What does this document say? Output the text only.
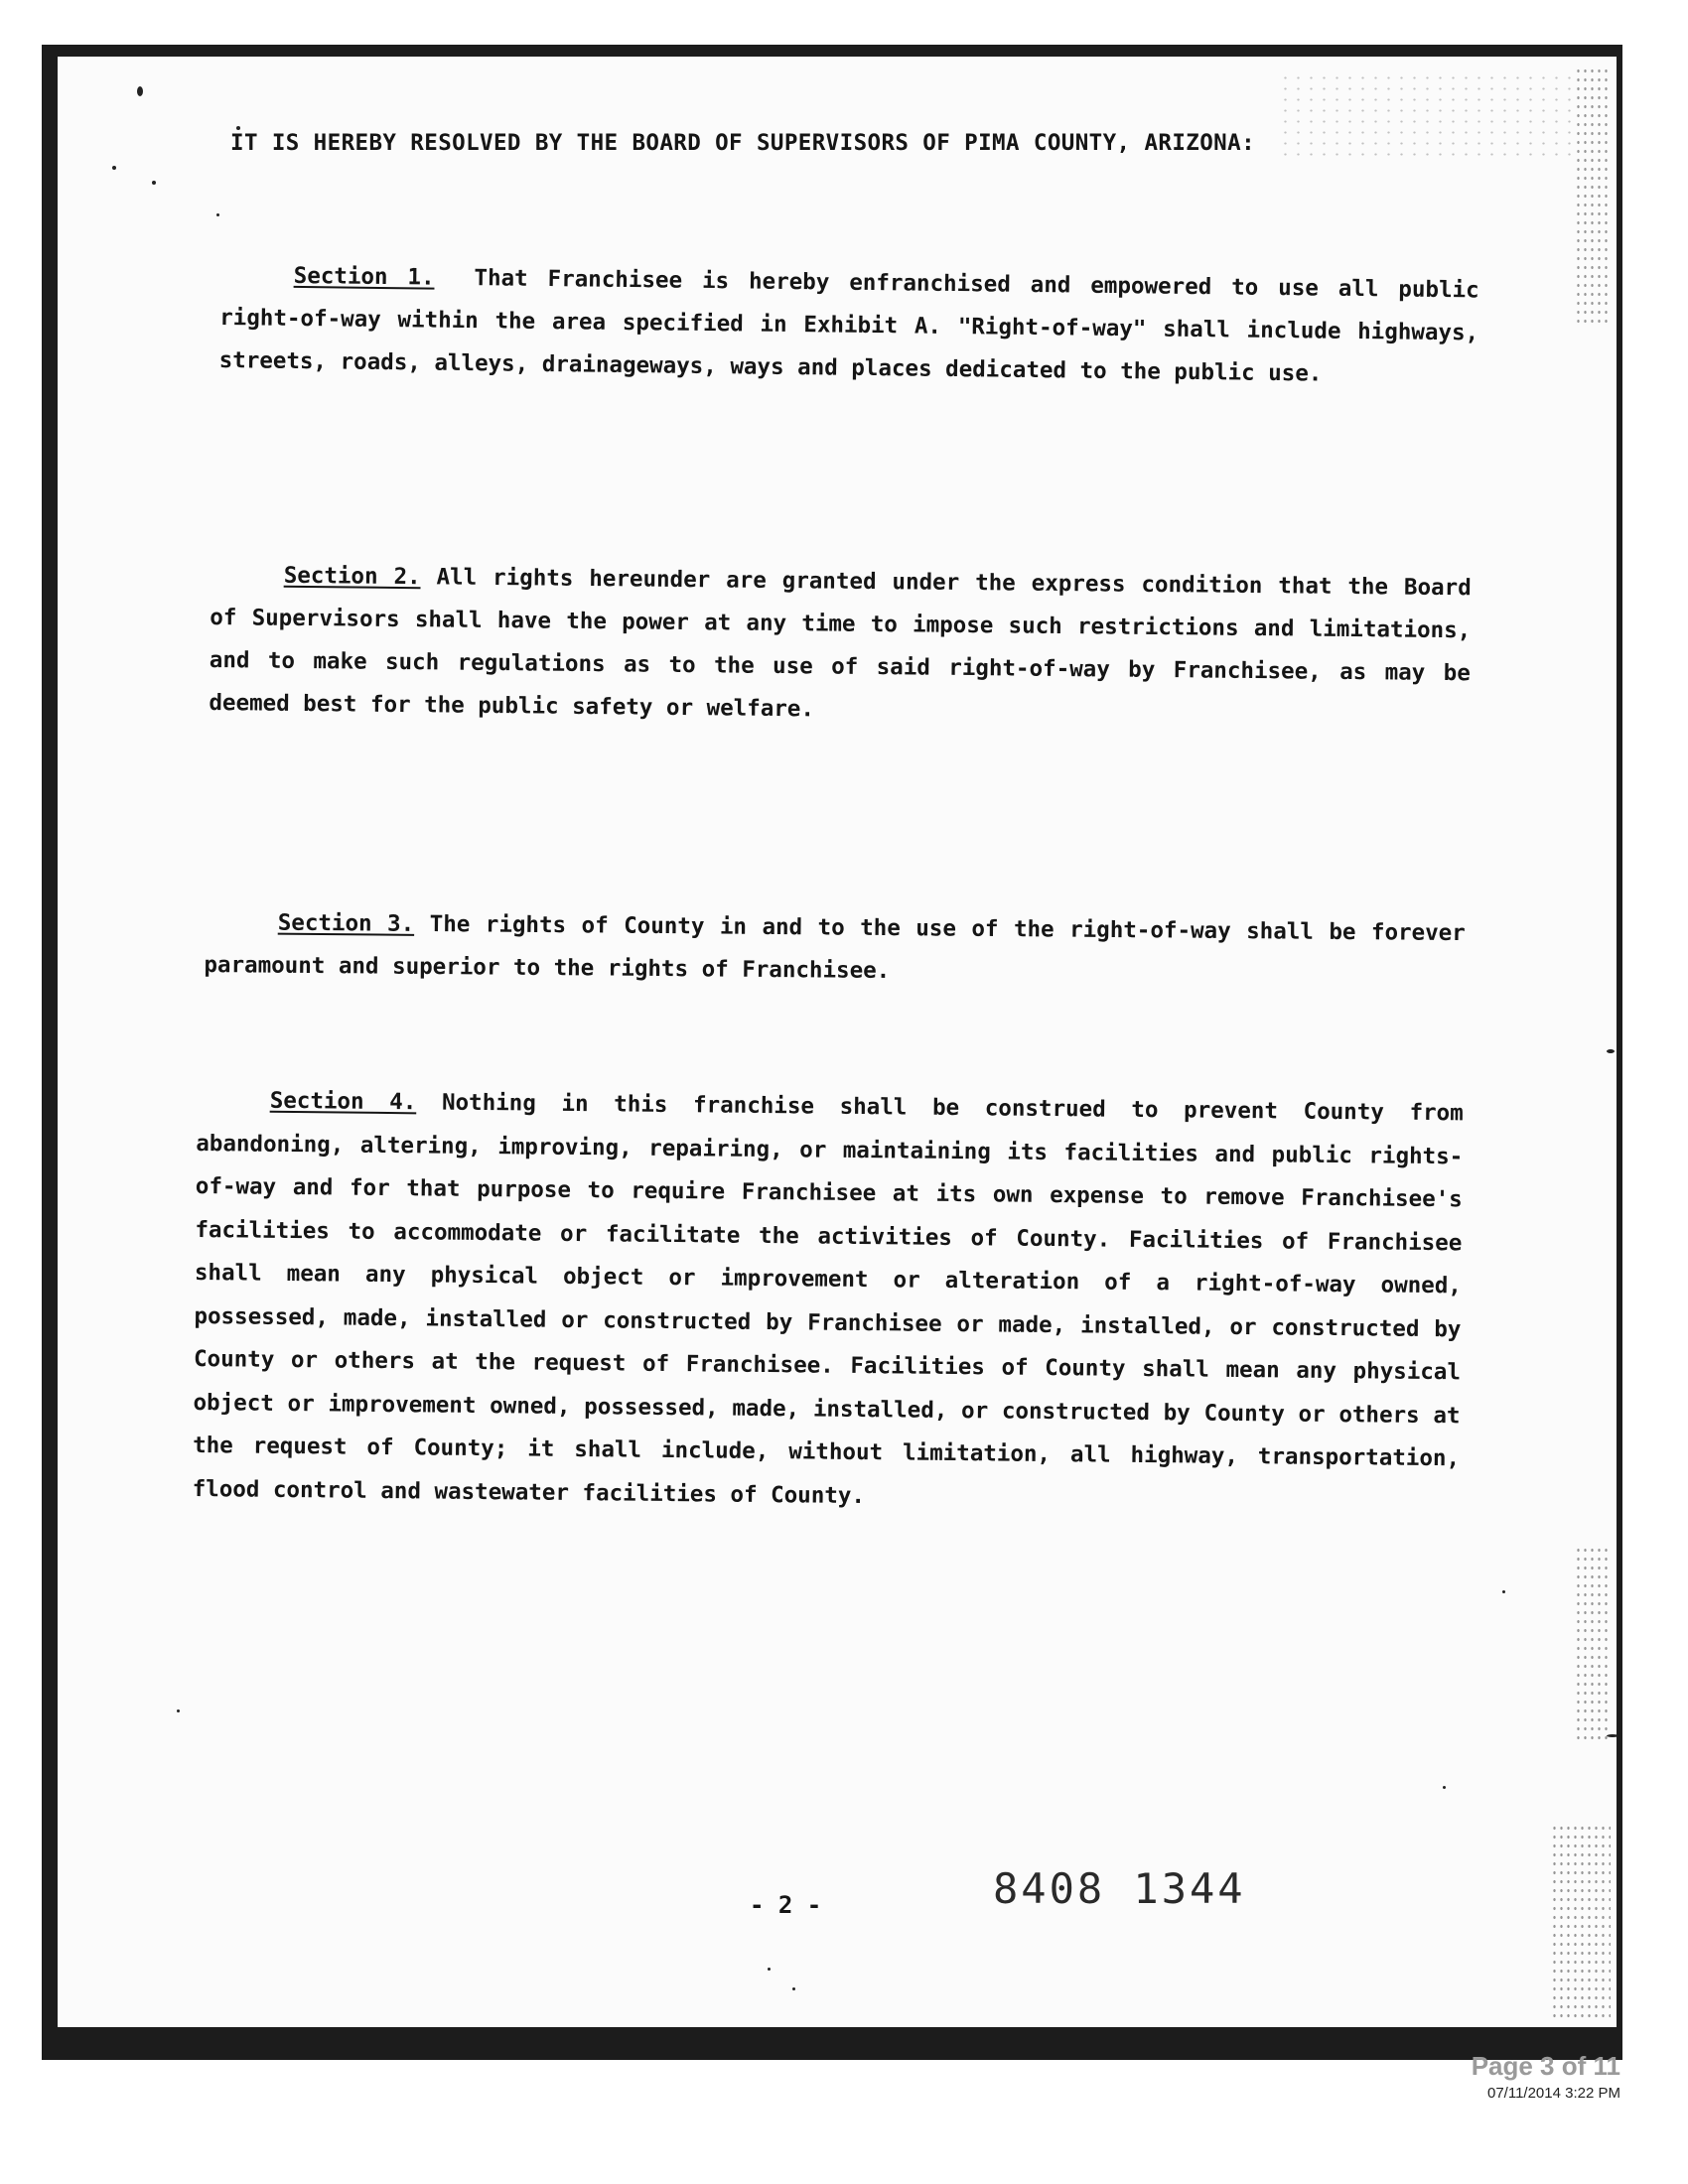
IT IS HEREBY RESOLVED BY THE BOARD OF SUPERVISORS OF PIMA COUNTY, ARIZONA:

Section 1. That Franchisee is hereby enfranchised and empowered to use all public right-of-way within the area specified in Exhibit A. "Right-of-way" shall include highways, streets, roads, alleys, drainageways, ways and places dedicated to the public use.

Section 2. All rights hereunder are granted under the express condition that the Board of Supervisors shall have the power at any time to impose such restrictions and limitations, and to make such regulations as to the use of said right-of-way by Franchisee, as may be deemed best for the public safety or welfare.

Section 3. The rights of County in and to the use of the right-of-way shall be forever paramount and superior to the rights of Franchisee.

Section 4. Nothing in this franchise shall be construed to prevent County from abandoning, altering, improving, repairing, or maintaining its facilities and public rights-of-way and for that purpose to require Franchisee at its own expense to remove Franchisee's facilities to accommodate or facilitate the activities of County. Facilities of Franchisee shall mean any physical object or improvement or alteration of a right-of-way owned, possessed, made, installed or constructed by Franchisee or made, installed, or constructed by County or others at the request of Franchisee. Facilities of County shall mean any physical object or improvement owned, possessed, made, installed, or constructed by County or others at the request of County; it shall include, without limitation, all highway, transportation, flood control and wastewater facilities of County.

- 2 -	8408 1344
Page 3 of 11
07/11/2014 3:22 PM
